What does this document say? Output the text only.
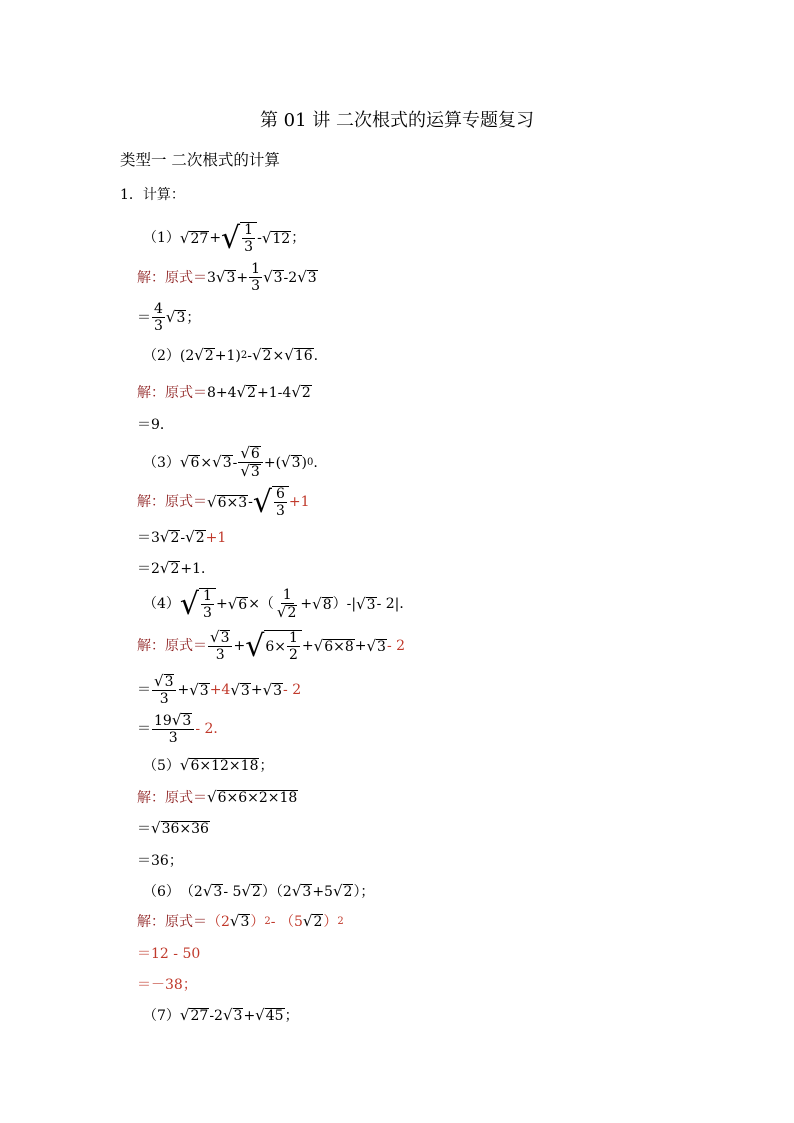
第 01 讲 二次根式的运算专题复习
类型一 二次根式的计算
1．计算：
（1） √ 27 + √ $\frac{1}{3}$ - √ 12 ；
解：原式＝ 3 √ $3 + \frac{1}{3}$ √ 3 -2 √ 3
＝ $\frac{4}{3}$ √ 3 ；
（2） (2 √ 2 +1) 2 - √ 2 × √ 16 .
解：原式＝ 8+4 √ 2 +1-4 √ 2
＝9．
（3） √ 6 × √ $3 - \frac{√ 6}{√ 3}$ +( √ 3 ) 0 .
解：原式＝ √ 6×3 - √ $\frac{6}{3} +1$
＝3 √ 2 - √ 2 +1
＝2 √ 2 +1．
（4） √ $\frac{1}{3}$ + √ 6 ×（ $\frac{1}{√ 2}$ + √ 8 ）-| √ 3 - 2|．
解：原式＝ $\frac{√ 3}{3}$ + √ $6\times \frac{1}{2}$ + √ 6×8 + √ 3 - 2
＝ $\frac{√ 3}{3}$ + √ 3 +4 √ 3 + √ 3 - 2
＝ $\frac{19 √ 3}{3} - 2$．
（5） √ 6×12×18 ；
解：原式＝ √ 6×6×2×18
＝ √ 36×36
＝36；
（6） （2 √ 3 - 5 √ 2 ）（2 √ 3 +5 √ 2 ）；
解：原式＝ （2 √ 3 ） 2 - （5 √ 2 ） 2
＝12 - 50
＝－38；
（7） √ 27 -2 √ 3 + √ 45 ；
